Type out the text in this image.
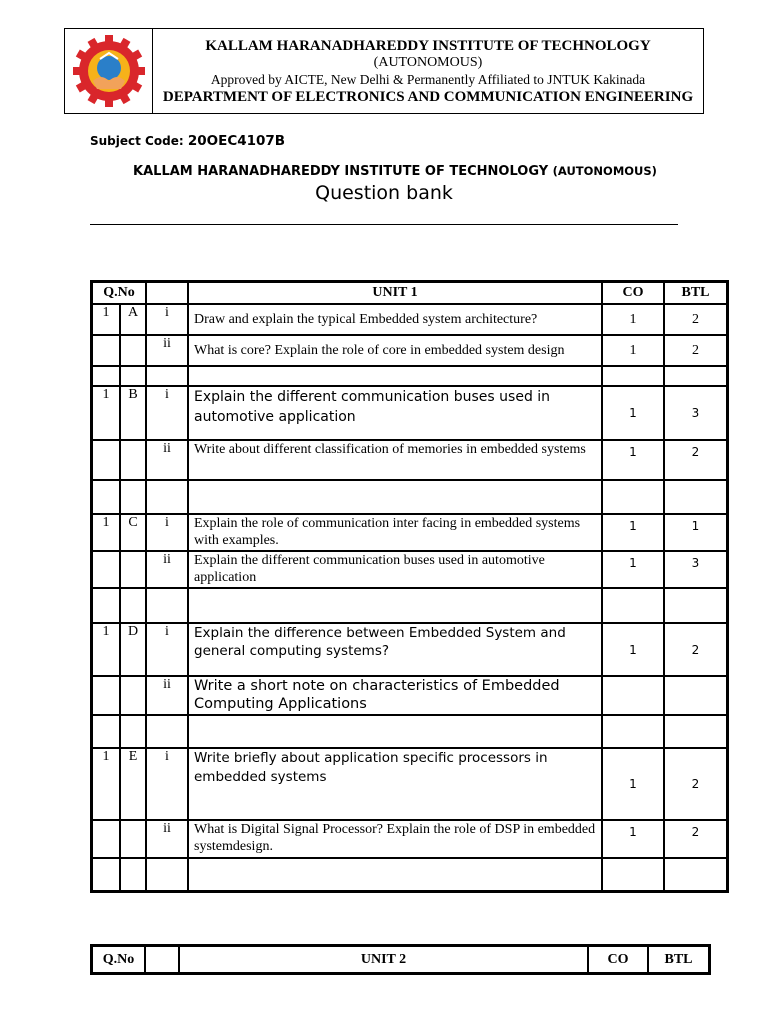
KALLAM HARANADHAREDDY INSTITUTE OF TECHNOLOGY
(AUTONOMOUS)
Approved by AICTE, New Delhi & Permanently Affiliated to JNTUK Kakinada
DEPARTMENT OF ELECTRONICS AND COMMUNICATION ENGINEERING
Subject Code: 20OEC4107B
KALLAM HARANADHAREDDY INSTITUTE OF TECHNOLOGY (AUTONOMOUS)
Question bank
Q.No			UNIT 1	CO	BTL
1	A	i	Draw and explain the typical Embedded system architecture?	1	2
		ii	What is core? Explain the role of core in embedded system design	1	2

1	B	i	Explain the different communication buses used in automotive application	1	3
		ii	Write about different classification of memories in embedded systems	1	2

1	C	i	Explain the role of communication inter facing in embedded systems with examples.	1	1
		ii	Explain the different communication buses used in automotive application	1	3

1	D	i	Explain the difference between Embedded System and general computing systems?	1	2
		ii	Write a short note on characteristics of Embedded Computing Applications		

1	E	i	Write briefly about application specific processors in embedded systems	1	2
		ii	What is Digital Signal Processor? Explain the role of DSP in embedded systemdesign.	1	2

Q.No		UNIT 2	CO	BTL
